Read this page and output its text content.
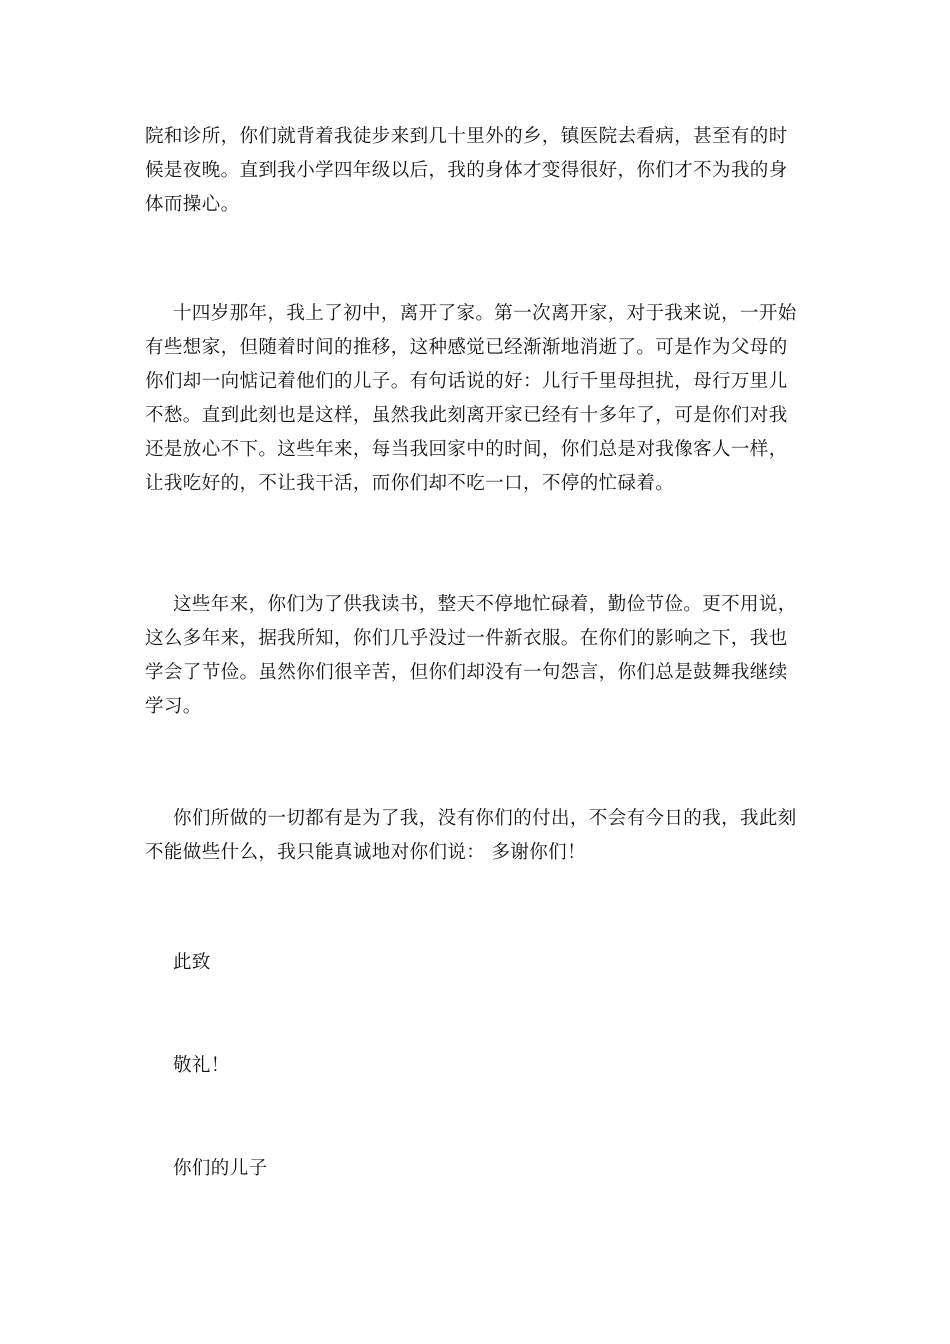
院和诊所，你们就背着我徒步来到几十里外的乡，镇医院去看病，甚至有的时
候是夜晚。直到我小学四年级以后，我的身体才变得很好，你们才不为我的身
体而操心。

十四岁那年，我上了初中，离开了家。第一次离开家，对于我来说，一开始
有些想家，但随着时间的推移，这种感觉已经渐渐地消逝了。可是作为父母的
你们却一向惦记着他们的儿子。有句话说的好：儿行千里母担扰，母行万里儿
不愁。直到此刻也是这样，虽然我此刻离开家已经有十多年了，可是你们对我
还是放心不下。这些年来，每当我回家中的时间，你们总是对我像客人一样，
让我吃好的，不让我干活，而你们却不吃一口，不停的忙碌着。

这些年来，你们为了供我读书，整天不停地忙碌着，勤俭节俭。更不用说，
这么多年来，据我所知，你们几乎没过一件新衣服。在你们的影响之下，我也
学会了节俭。虽然你们很辛苦，但你们却没有一句怨言，你们总是鼓舞我继续
学习。

你们所做的一切都有是为了我，没有你们的付出，不会有今日的我，我此刻
不能做些什么，我只能真诚地对你们说： 多谢你们！

此致

敬礼！

你们的儿子
